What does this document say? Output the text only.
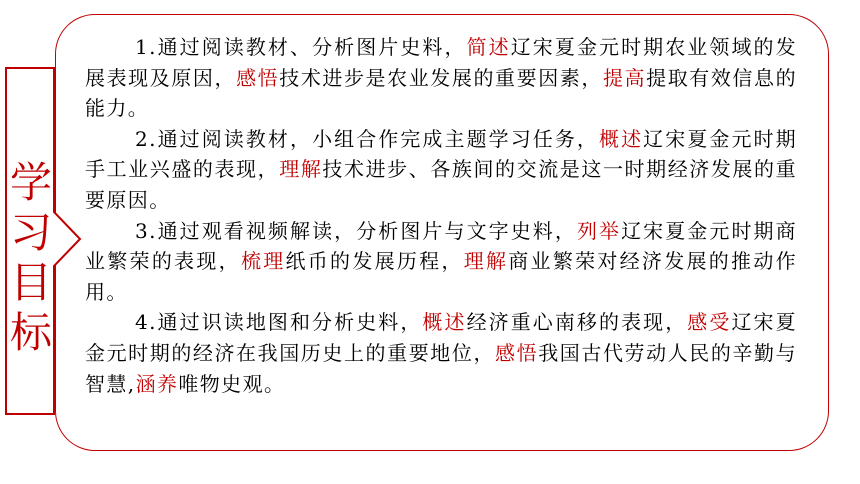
学
习
目
标

1.通过阅读教材、分析图片史料，简述辽宋夏金元时期农业领域的发展表现及原因，感悟技术进步是农业发展的重要因素，提高提取有效信息的能力。

2.通过阅读教材，小组合作完成主题学习任务，概述辽宋夏金元时期手工业兴盛的表现，理解技术进步、各族间的交流是这一时期经济发展的重要原因。

3.通过观看视频解读，分析图片与文字史料，列举辽宋夏金元时期商业繁荣的表现，梳理纸币的发展历程，理解商业繁荣对经济发展的推动作用。

4.通过识读地图和分析史料，概述经济重心南移的表现，感受辽宋夏金元时期的经济在我国历史上的重要地位，感悟我国古代劳动人民的辛勤与智慧,涵养唯物史观。
